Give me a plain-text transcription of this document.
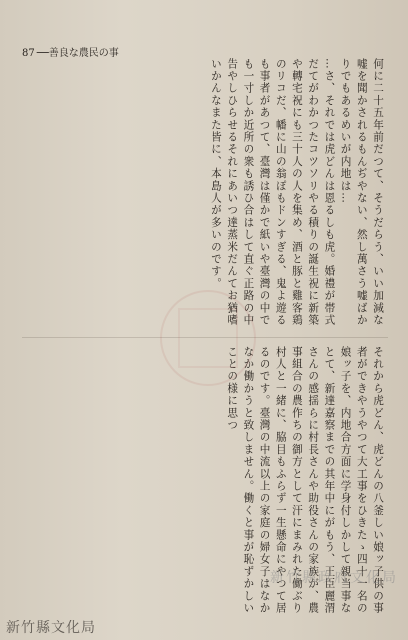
87 ──善良な農民の事
何に二十五年前だつて、そうだらう、いい加減な嘘を聞かされるもんぢやない、然し萬さう嘘ばかりでもあるめいが内地は…
…さ、それでは虎どんは恩るしも虎。婚禮が帯式だてがわかつたコツソリやる積りの誕生祝に新築や轉宅祝にも三十人の人を集め、酒と豚と雞客鶏のリコだ、幡に山の翁ぽもドンすぎる、鬼よ遊るも事者があつて、臺灣は僅かで紙いや臺灣の中でも一寸しか近所の衆も誘ひ合はして直ぐ正路の中告やしひらせるそれにあいつ達蒸米だんてお猶嗜いかんなまた皆に、本島人が多いのです。
それから虎どん、虎どんの八釜しい娘ッ子供の事者ができやうやつて大工事をひきたゝ四十一名の娘ッ子を、内地合方面に学身付しかして親当事なとて、新達嘉察までの其年中にがもう、王臣麗渭さんの感揺らに村長さんや助役さんの家族が、農事組合の農作ちの御方として汗にまみれた働ぶり村人と一緒に、脇目もふらず一生懸命にやつて居るのです。臺灣の中流以上の家庭の婦女子はなかなか働かうと致しません。働くと事が恥ずかしいことの様に思つ
新竹縣文化局
新竹縣政府文化局
